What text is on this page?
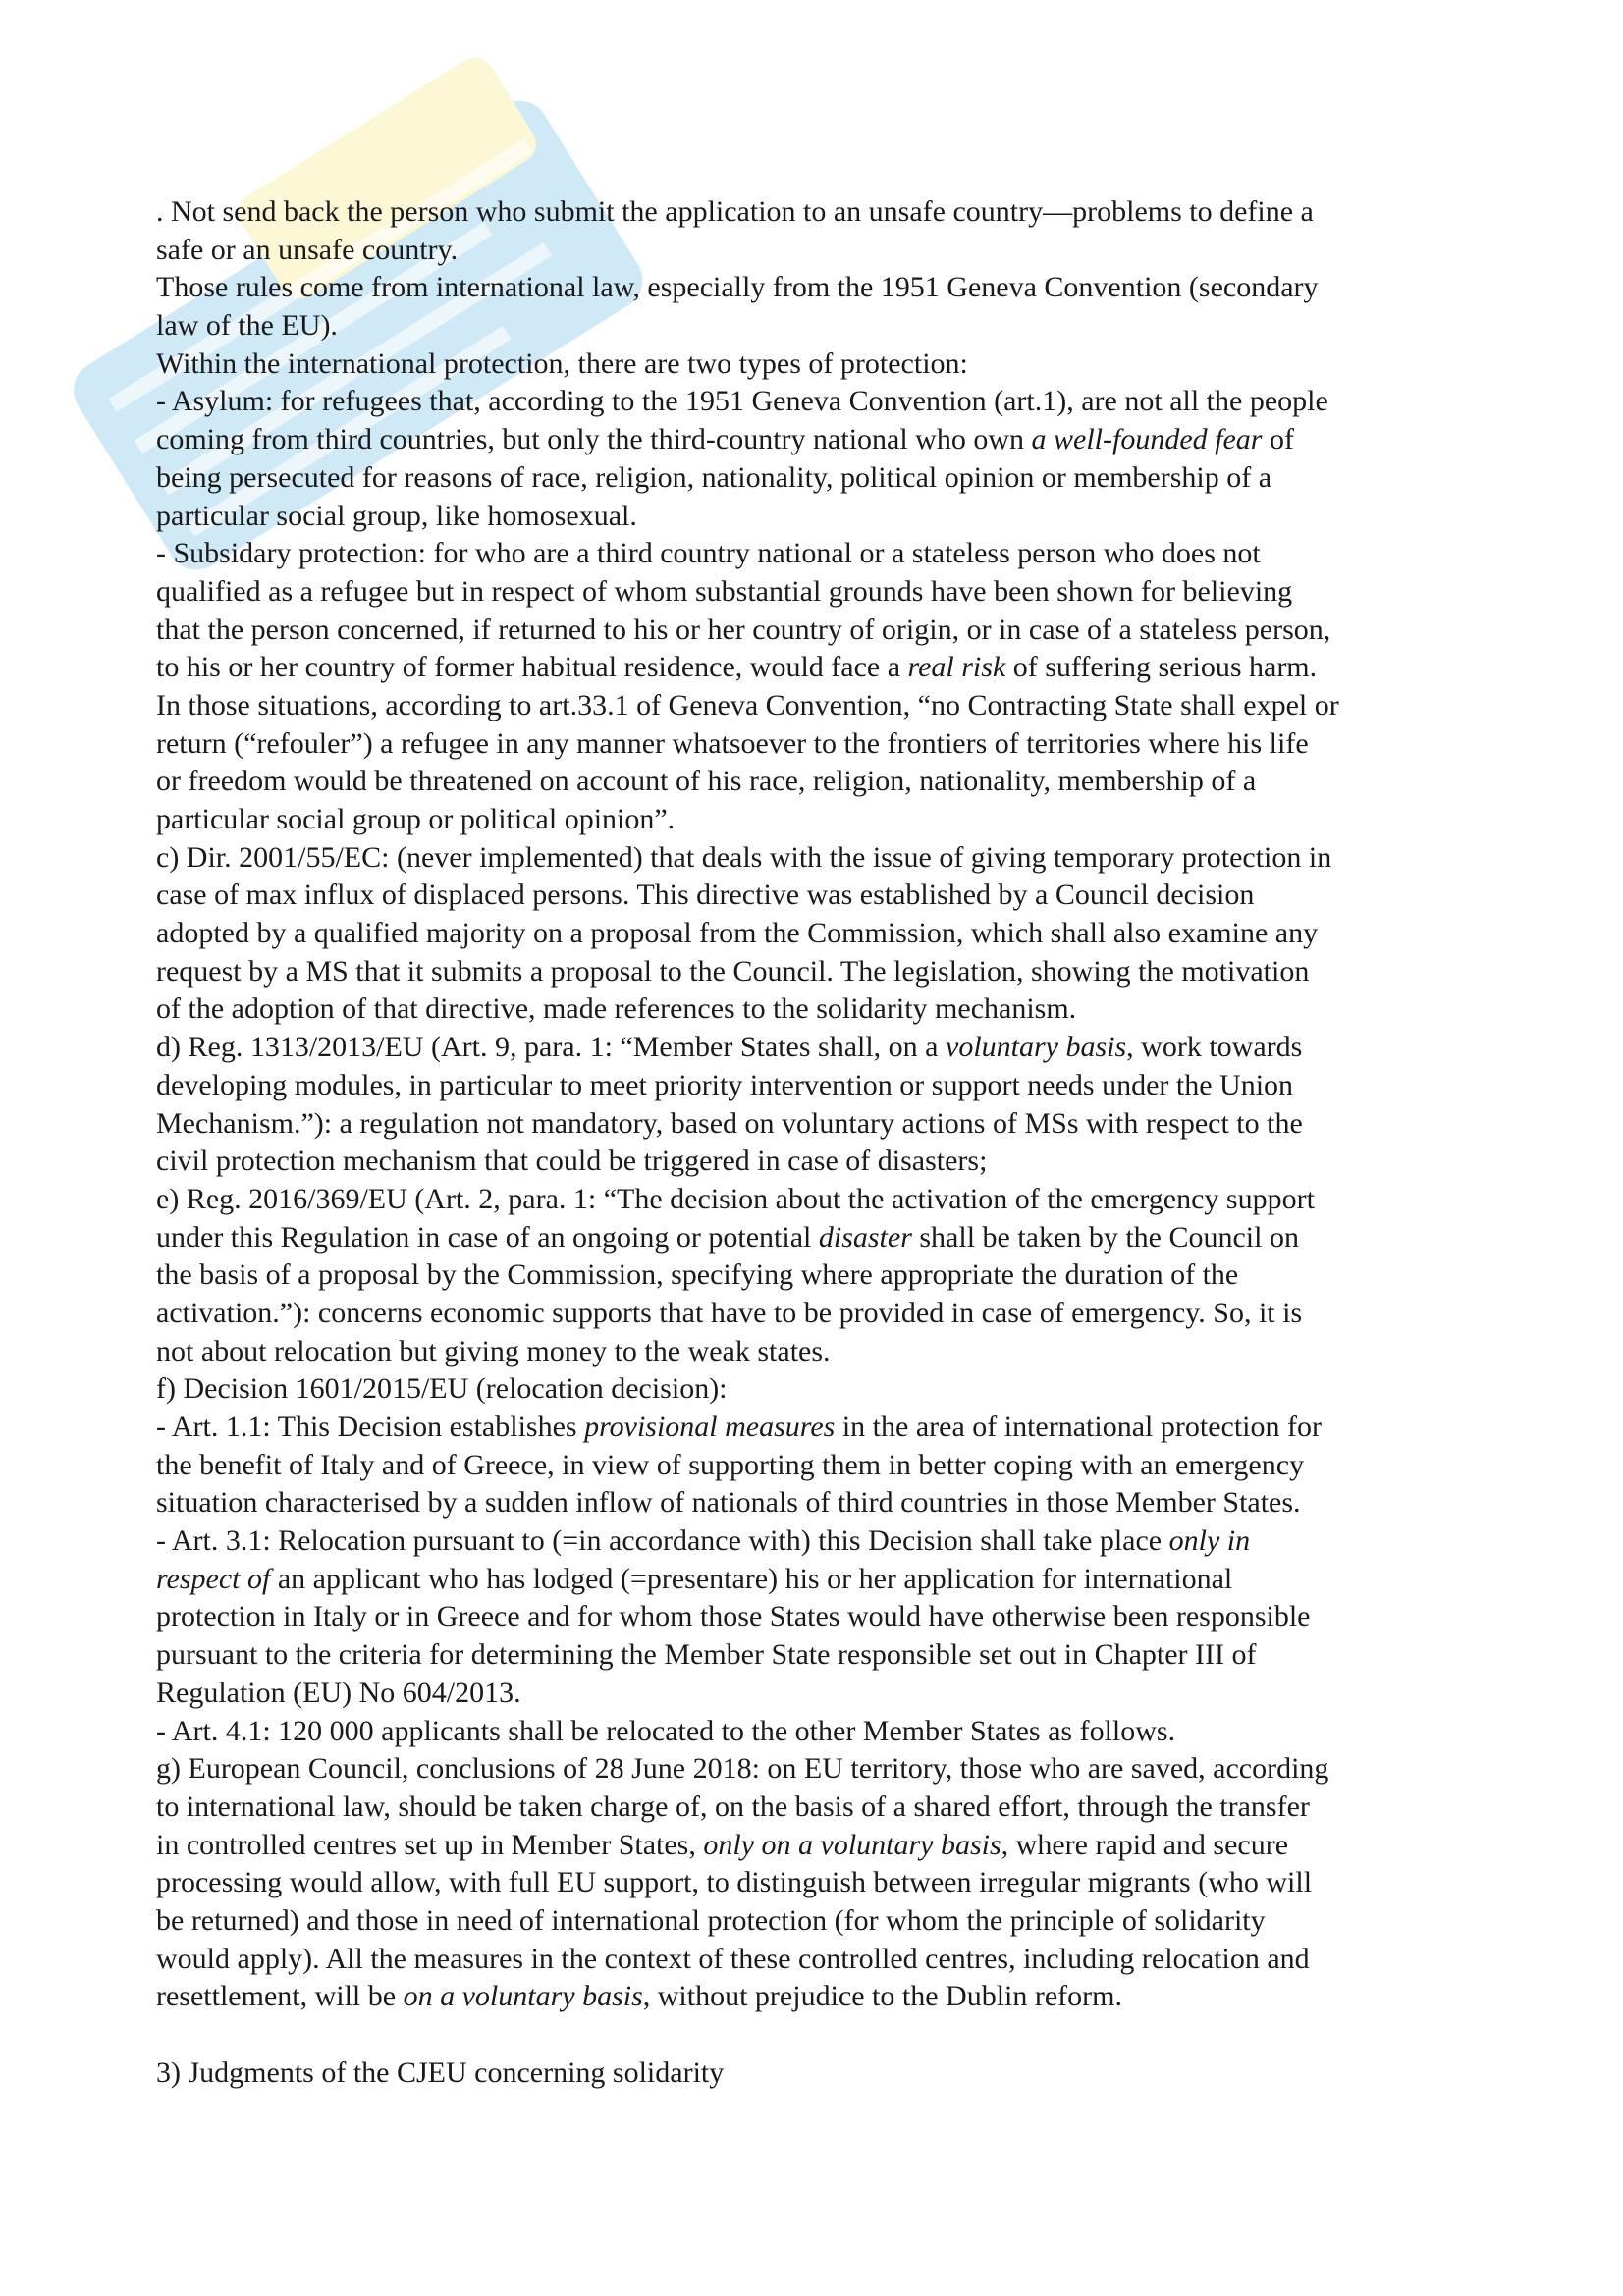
. Not send back the person who submit the application to an unsafe country—problems to define a
safe or an unsafe country.
Those rules come from international law, especially from the 1951 Geneva Convention (secondary
law of the EU).
Within the international protection, there are two types of protection:
- Asylum: for refugees that, according to the 1951 Geneva Convention (art.1), are not all the people
coming from third countries, but only the third-country national who own a well-founded fear of
being persecuted for reasons of race, religion, nationality, political opinion or membership of a
particular social group, like homosexual.
- Subsidary protection: for who are a third country national or a stateless person who does not
qualified as a refugee but in respect of whom substantial grounds have been shown for believing
that the person concerned, if returned to his or her country of origin, or in case of a stateless person,
to his or her country of former habitual residence, would face a real risk of suffering serious harm.
In those situations, according to art.33.1 of Geneva Convention, “no Contracting State shall expel or
return (“refouler”) a refugee in any manner whatsoever to the frontiers of territories where his life
or freedom would be threatened on account of his race, religion, nationality, membership of a
particular social group or political opinion”.
c) Dir. 2001/55/EC: (never implemented) that deals with the issue of giving temporary protection in
case of max influx of displaced persons. This directive was established by a Council decision
adopted by a qualified majority on a proposal from the Commission, which shall also examine any
request by a MS that it submits a proposal to the Council. The legislation, showing the motivation
of the adoption of that directive, made references to the solidarity mechanism.
d) Reg. 1313/2013/EU (Art. 9, para. 1: “Member States shall, on a voluntary basis, work towards
developing modules, in particular to meet priority intervention or support needs under the Union
Mechanism.”): a regulation not mandatory, based on voluntary actions of MSs with respect to the
civil protection mechanism that could be triggered in case of disasters;
e) Reg. 2016/369/EU (Art. 2, para. 1: “The decision about the activation of the emergency support
under this Regulation in case of an ongoing or potential disaster shall be taken by the Council on
the basis of a proposal by the Commission, specifying where appropriate the duration of the
activation.”): concerns economic supports that have to be provided in case of emergency. So, it is
not about relocation but giving money to the weak states.
f) Decision 1601/2015/EU (relocation decision):
- Art. 1.1: This Decision establishes provisional measures in the area of international protection for
the benefit of Italy and of Greece, in view of supporting them in better coping with an emergency
situation characterised by a sudden inflow of nationals of third countries in those Member States.
- Art. 3.1: Relocation pursuant to (=in accordance with) this Decision shall take place only in
respect of an applicant who has lodged (=presentare) his or her application for international
protection in Italy or in Greece and for whom those States would have otherwise been responsible
pursuant to the criteria for determining the Member State responsible set out in Chapter III of
Regulation (EU) No 604/2013.
- Art. 4.1: 120 000 applicants shall be relocated to the other Member States as follows.
g) European Council, conclusions of 28 June 2018: on EU territory, those who are saved, according
to international law, should be taken charge of, on the basis of a shared effort, through the transfer
in controlled centres set up in Member States, only on a voluntary basis, where rapid and secure
processing would allow, with full EU support, to distinguish between irregular migrants (who will
be returned) and those in need of international protection (for whom the principle of solidarity
would apply). All the measures in the context of these controlled centres, including relocation and
resettlement, will be on a voluntary basis, without prejudice to the Dublin reform.
3) Judgments of the CJEU concerning solidarity
